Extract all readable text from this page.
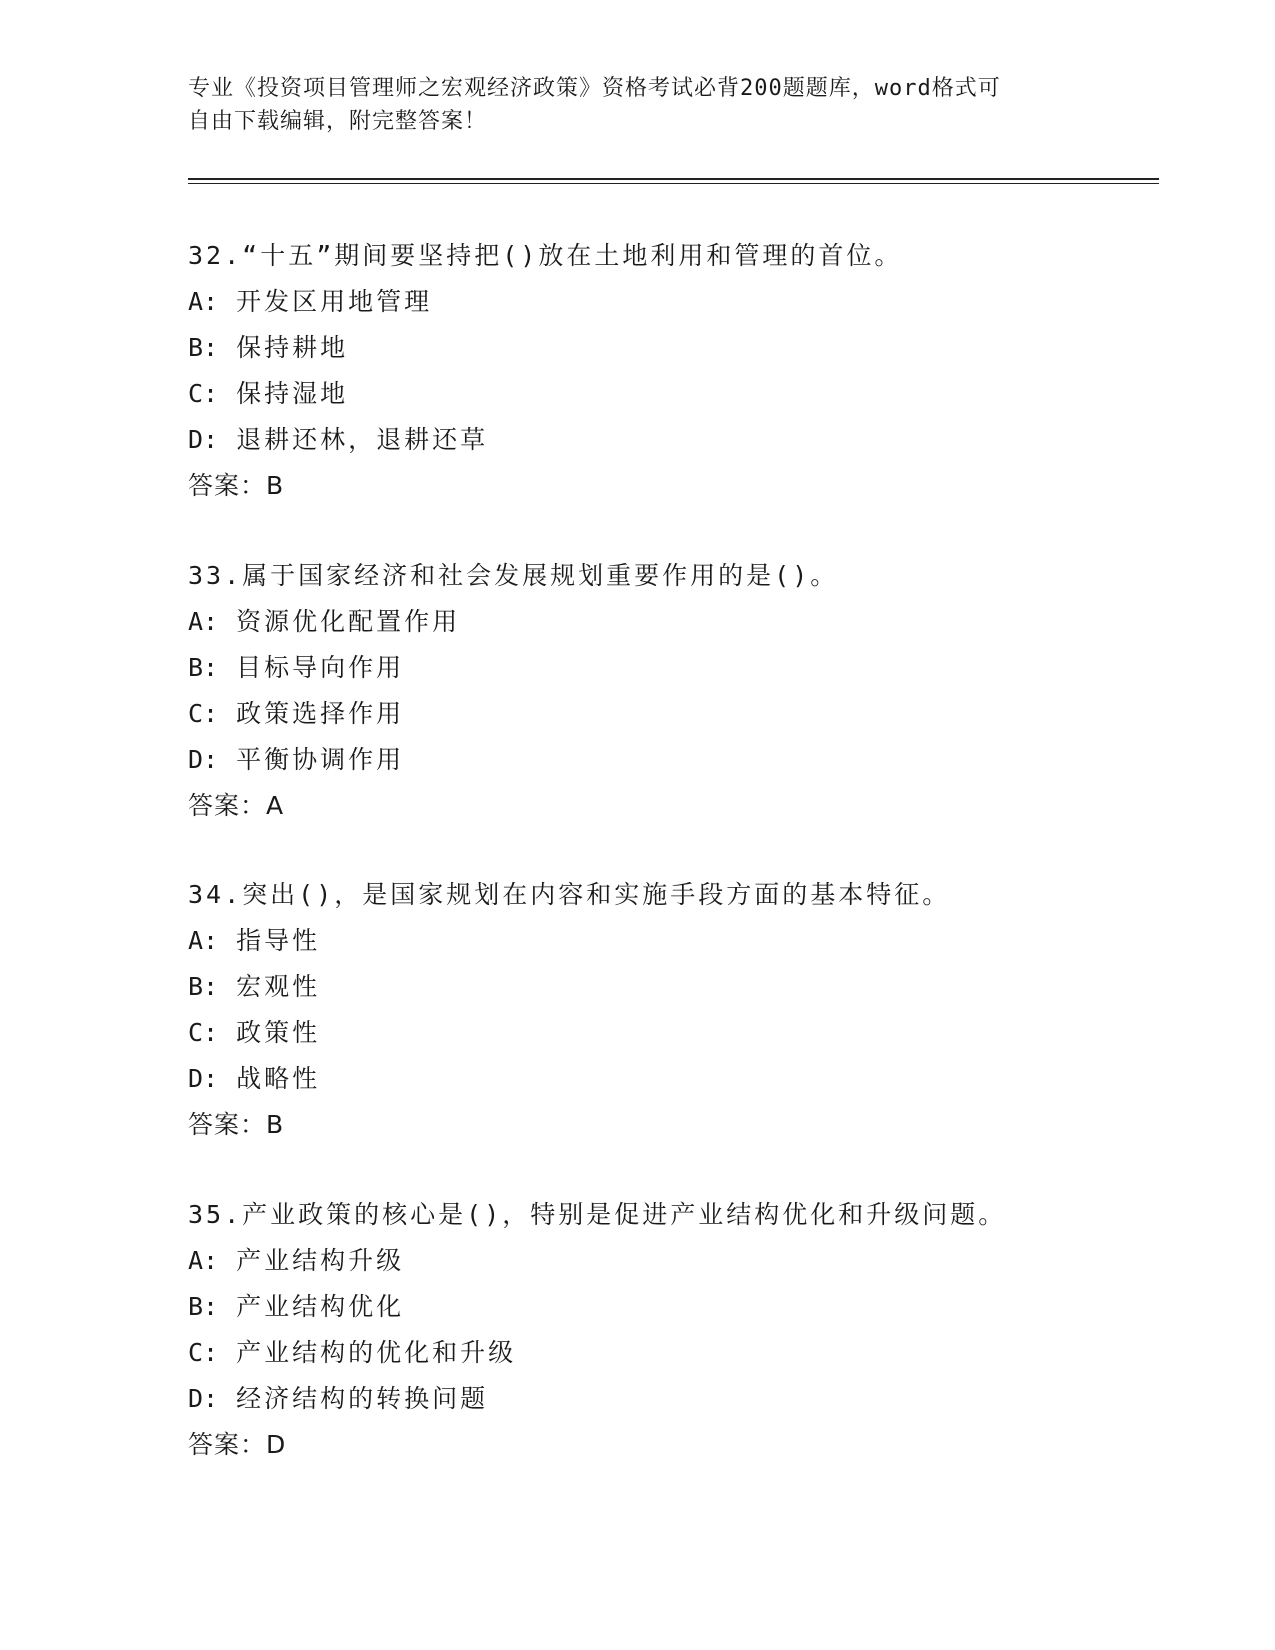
专业《投资项目管理师之宏观经济政策》资格考试必背200题题库，word格式可
自由下载编辑，附完整答案！
32.“十五”期间要坚持把()放在土地利用和管理的首位。
A: 开发区用地管理
B: 保持耕地
C: 保持湿地
D: 退耕还林，退耕还草
答案：B
33.属于国家经济和社会发展规划重要作用的是()。
A: 资源优化配置作用
B: 目标导向作用
C: 政策选择作用
D: 平衡协调作用
答案：A
34.突出()，是国家规划在内容和实施手段方面的基本特征。
A: 指导性
B: 宏观性
C: 政策性
D: 战略性
答案：B
35.产业政策的核心是()，特别是促进产业结构优化和升级问题。
A: 产业结构升级
B: 产业结构优化
C: 产业结构的优化和升级
D: 经济结构的转换问题
答案：D
